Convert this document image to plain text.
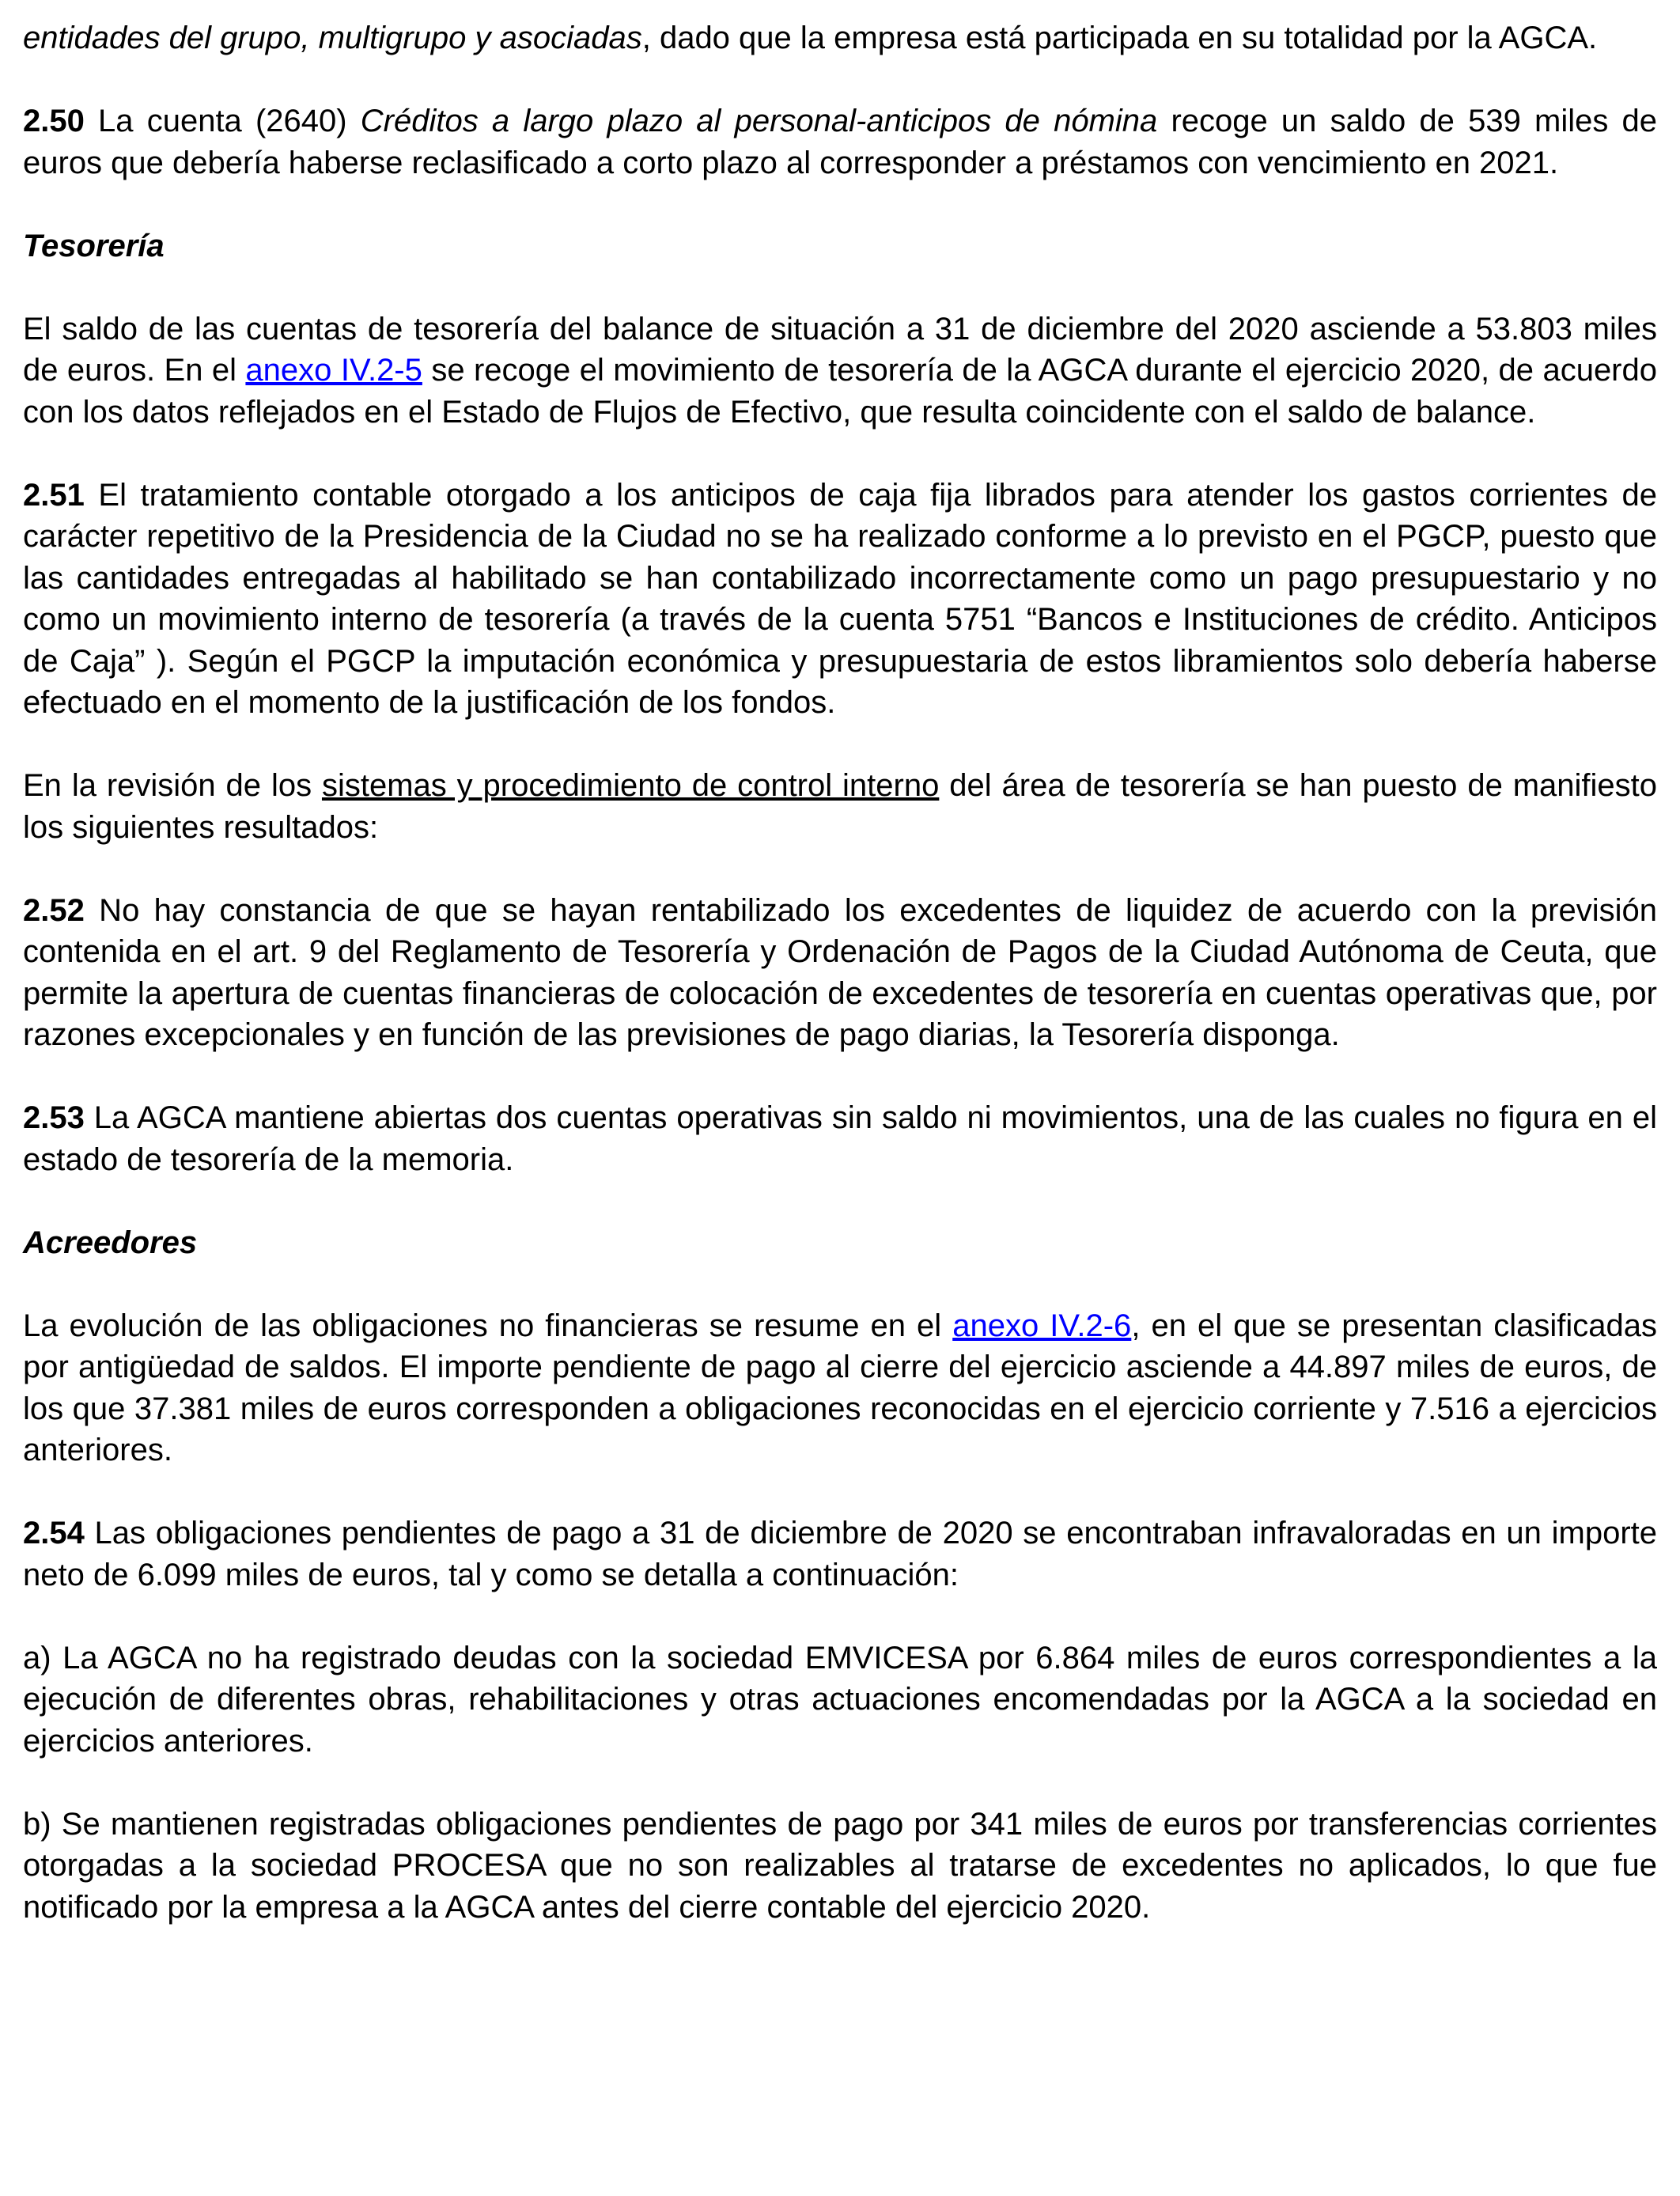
entidades del grupo, multigrupo y asociadas, dado que la empresa está participada en su totalidad por la AGCA.

2.50 La cuenta (2640) Créditos a largo plazo al personal-anticipos de nómina recoge un saldo de 539 miles de euros que debería haberse reclasificado a corto plazo al corresponder a préstamos con vencimiento en 2021.

Tesorería

El saldo de las cuentas de tesorería del balance de situación a 31 de diciembre del 2020 asciende a 53.803 miles de euros. En el anexo IV.2-5 se recoge el movimiento de tesorería de la AGCA durante el ejercicio 2020, de acuerdo con los datos reflejados en el Estado de Flujos de Efectivo, que resulta coincidente con el saldo de balance.

2.51 El tratamiento contable otorgado a los anticipos de caja fija librados para atender los gastos corrientes de carácter repetitivo de la Presidencia de la Ciudad no se ha realizado conforme a lo previsto en el PGCP, puesto que las cantidades entregadas al habilitado se han contabilizado incorrectamente como un pago presupuestario y no como un movimiento interno de tesorería (a través de la cuenta 5751 “Bancos e Instituciones de crédito. Anticipos de Caja” ). Según el PGCP la imputación económica y presupuestaria de estos libramientos solo debería haberse efectuado en el momento de la justificación de los fondos.

En la revisión de los sistemas y procedimiento de control interno del área de tesorería se han puesto de manifiesto los siguientes resultados:

2.52 No hay constancia de que se hayan rentabilizado los excedentes de liquidez de acuerdo con la previsión contenida en el art. 9 del Reglamento de Tesorería y Ordenación de Pagos de la Ciudad Autónoma de Ceuta, que permite la apertura de cuentas financieras de colocación de excedentes de tesorería en cuentas operativas que, por razones excepcionales y en función de las previsiones de pago diarias, la Tesorería disponga.

2.53 La AGCA mantiene abiertas dos cuentas operativas sin saldo ni movimientos, una de las cuales no figura en el estado de tesorería de la memoria.

Acreedores

La evolución de las obligaciones no financieras se resume en el anexo IV.2-6, en el que se presentan clasificadas por antigüedad de saldos. El importe pendiente de pago al cierre del ejercicio asciende a 44.897 miles de euros, de los que 37.381 miles de euros corresponden a obligaciones reconocidas en el ejercicio corriente y 7.516 a ejercicios anteriores.

2.54 Las obligaciones pendientes de pago a 31 de diciembre de 2020 se encontraban infravaloradas en un importe neto de 6.099 miles de euros, tal y como se detalla a continuación:

a) La AGCA no ha registrado deudas con la sociedad EMVICESA por 6.864 miles de euros correspondientes a la ejecución de diferentes obras, rehabilitaciones y otras actuaciones encomendadas por la AGCA a la sociedad en ejercicios anteriores.

b) Se mantienen registradas obligaciones pendientes de pago por 341 miles de euros por transferencias corrientes otorgadas a la sociedad PROCESA que no son realizables al tratarse de excedentes no aplicados, lo que fue notificado por la empresa a la AGCA antes del cierre contable del ejercicio 2020.
